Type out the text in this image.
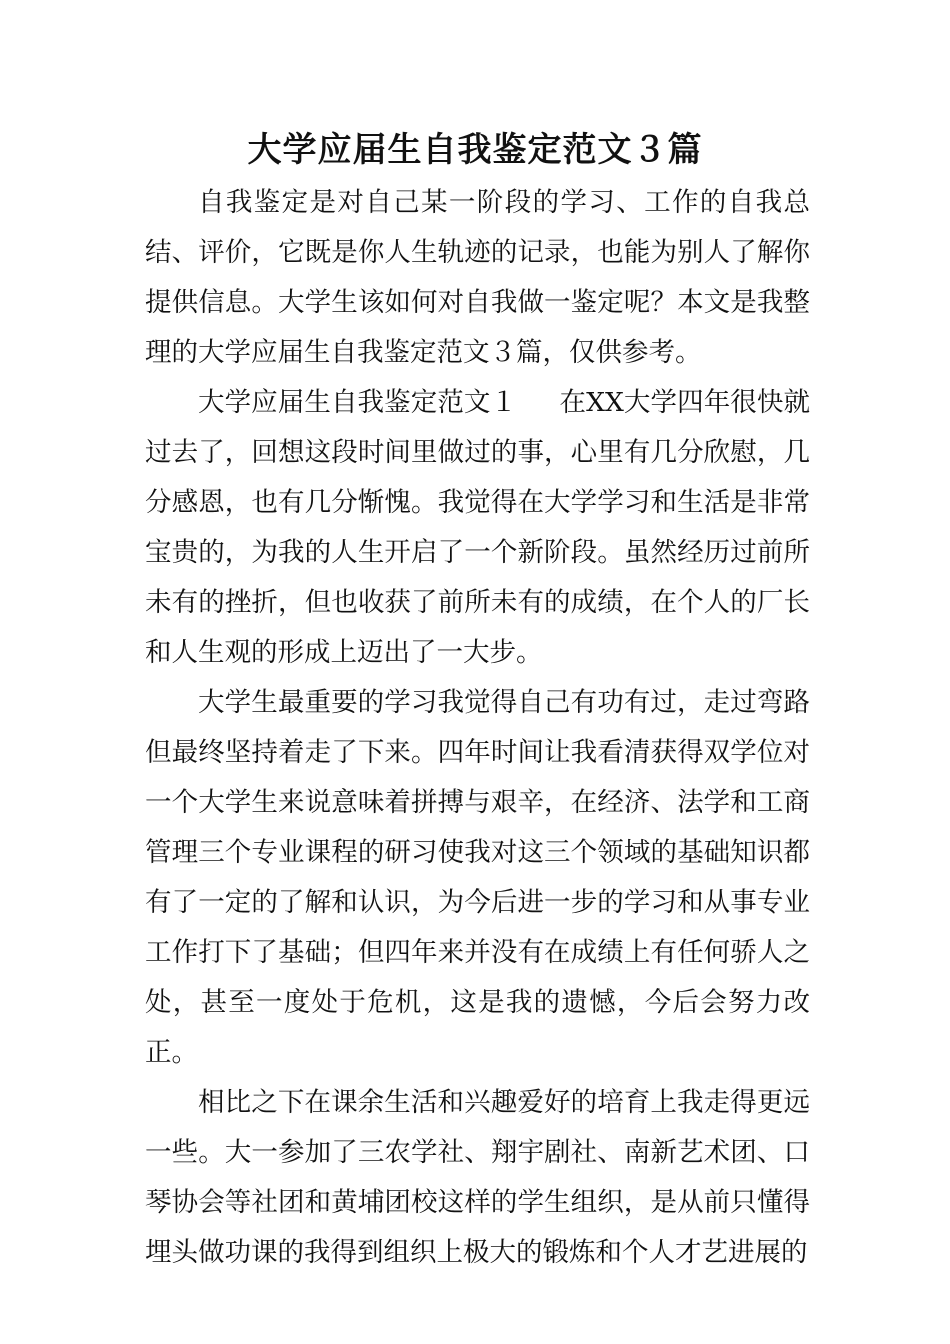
大学应届生自我鉴定范文３篇

自我鉴定是对自己某一阶段的学习、工作的自我总结、评价，它既是你人生轨迹的记录，也能为别人了解你提供信息。大学生该如何对自我做一鉴定呢？本文是我整理的大学应届生自我鉴定范文３篇，仅供参考。

大学应届生自我鉴定范文１ 在XX大学四年很快就过去了，回想这段时间里做过的事，心里有几分欣慰，几分感恩，也有几分惭愧。我觉得在大学学习和生活是非常宝贵的，为我的人生开启了一个新阶段。虽然经历过前所未有的挫折，但也收获了前所未有的成绩，在个人的厂长和人生观的形成上迈出了一大步。

大学生最重要的学习我觉得自己有功有过，走过弯路但最终坚持着走了下来。四年时间让我看清获得双学位对一个大学生来说意味着拼搏与艰辛，在经济、法学和工商管理三个专业课程的研习使我对这三个领域的基础知识都有了一定的了解和认识，为今后进一步的学习和从事专业工作打下了基础；但四年来并没有在成绩上有任何骄人之处，甚至一度处于危机，这是我的遗憾，今后会努力改正。

相比之下在课余生活和兴趣爱好的培育上我走得更远一些。大一参加了三农学社、翔宇剧社、南新艺术团、口琴协会等社团和黄埔团校这样的学生组织，是从前只懂得埋头做功课的我得到组织上极大的锻炼和个人才艺进展的
